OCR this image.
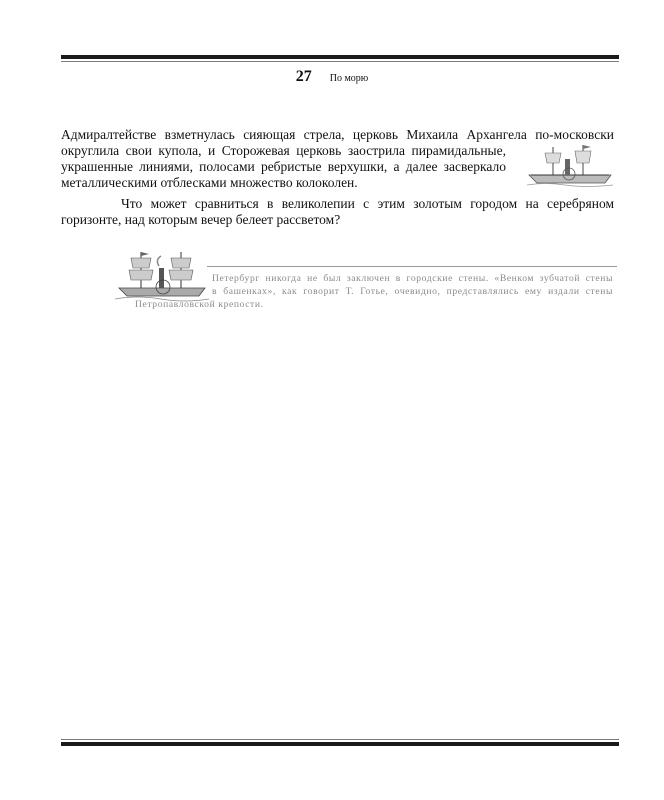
27 По морю
Адмиралтействе взметнулась сияющая стрела, церковь Михаила Архангела по-московски
округлила свои купола, и Сторожевая церковь заострила пирамидальные,
украшенные линиями, полосами ребристые верхушки, а далее засверкало
металлическими отблесками множество колоколен.
Что может сравниться в великолепии с этим золотым городом на серебряном горизонте, над которым вечер белеет рассветом?
Петербург никогда не был заключен в городские стены. «Венком зубчатой стены
в башенках», как говорит Т. Готье, очевидно, представлялись ему издали стены
Петропавловской крепости.
